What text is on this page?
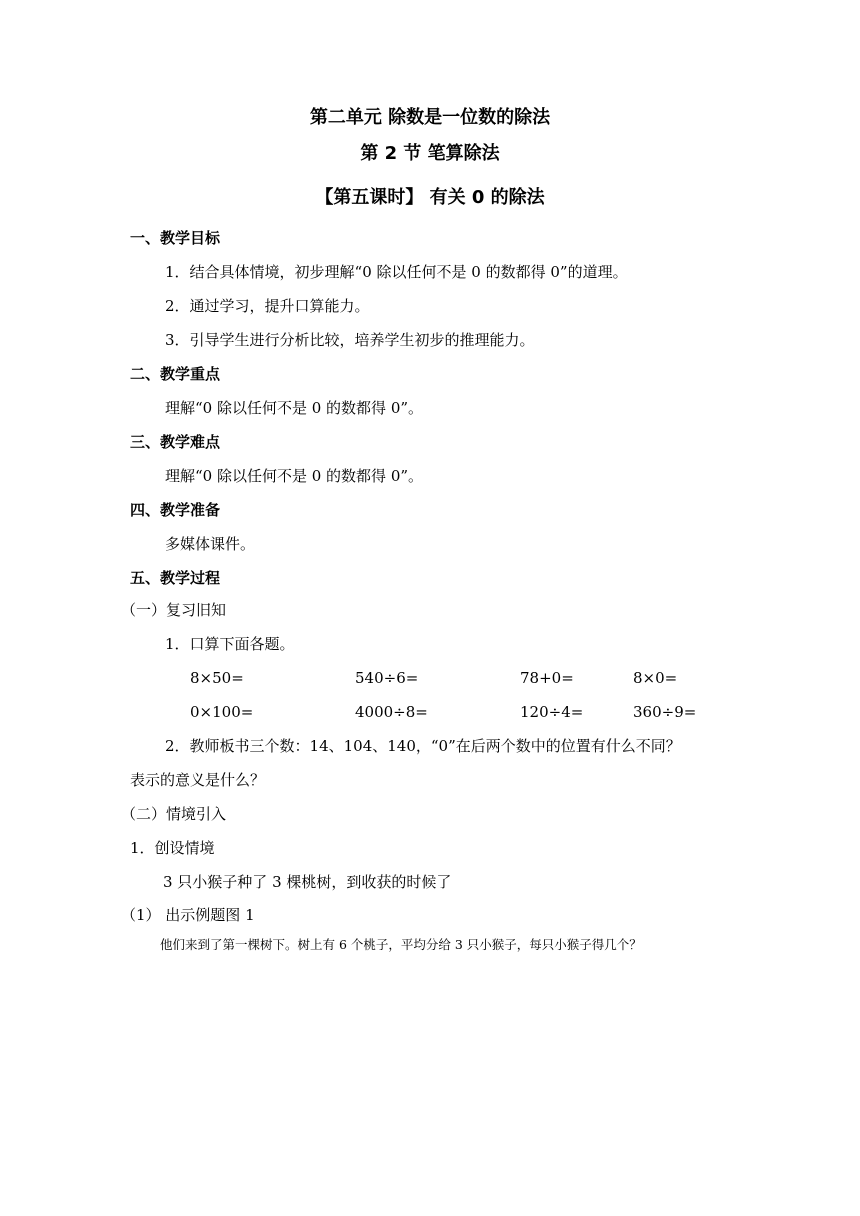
第二单元 除数是一位数的除法
第 2 节 笔算除法
【第五课时】 有关 0 的除法
一、教学目标
1．结合具体情境，初步理解“0 除以任何不是 0 的数都得 0”的道理。
2．通过学习，提升口算能力。
3．引导学生进行分析比较，培养学生初步的推理能力。
二、教学重点
理解“0 除以任何不是 0 的数都得 0”。
三、教学难点
理解“0 除以任何不是 0 的数都得 0”。
四、教学准备
多媒体课件。
五、教学过程
（一）复习旧知
1．口算下面各题。
8×50=	540÷6=	78+0=	8×0=
0×100=	4000÷8=	120÷4=	360÷9=
2．教师板书三个数：14、104、140，“0”在后两个数中的位置有什么不同？
表示的意义是什么？
（二）情境引入
1．创设情境
3 只小猴子种了 3 棵桃树，到收获的时候了
（1） 出示例题图 1
他们来到了第一棵树下。树上有 6 个桃子，平均分给 3 只小猴子，每只小猴子得几个？
